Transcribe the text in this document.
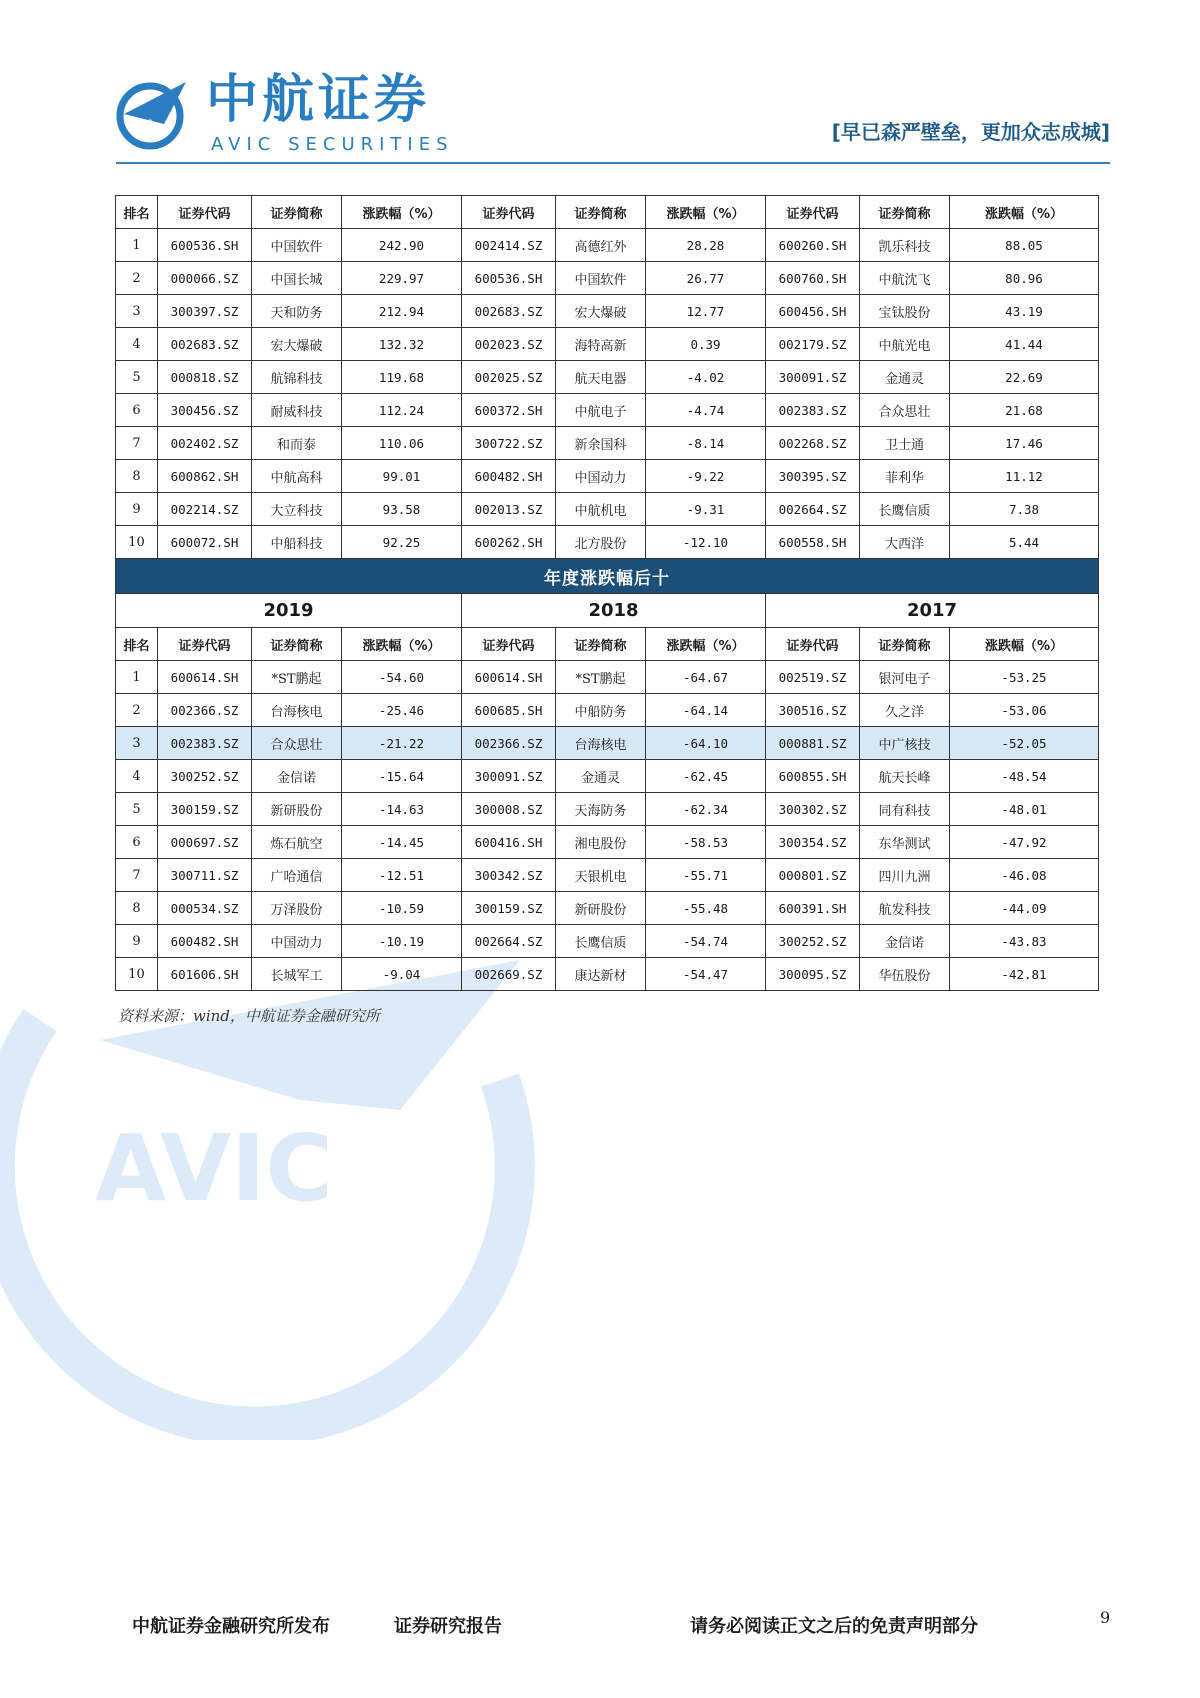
AVIC
AVIC 中航证券
AVIC SECURITIES
[早已森严壁垒，更加众志成城]
排名	证券代码	证券简称	涨跌幅（%）	证券代码	证券简称	涨跌幅（%）	证券代码	证券简称	涨跌幅（%）
1	600536.SH	中国软件	242.90	002414.SZ	高德红外	28.28	600260.SH	凯乐科技	88.05
2	000066.SZ	中国长城	229.97	600536.SH	中国软件	26.77	600760.SH	中航沈飞	80.96
3	300397.SZ	天和防务	212.94	002683.SZ	宏大爆破	12.77	600456.SH	宝钛股份	43.19
4	002683.SZ	宏大爆破	132.32	002023.SZ	海特高新	0.39	002179.SZ	中航光电	41.44
5	000818.SZ	航锦科技	119.68	002025.SZ	航天电器	-4.02	300091.SZ	金通灵	22.69
6	300456.SZ	耐威科技	112.24	600372.SH	中航电子	-4.74	002383.SZ	合众思壮	21.68
7	002402.SZ	和而泰	110.06	300722.SZ	新余国科	-8.14	002268.SZ	卫士通	17.46
8	600862.SH	中航高科	99.01	600482.SH	中国动力	-9.22	300395.SZ	菲利华	11.12
9	002214.SZ	大立科技	93.58	002013.SZ	中航机电	-9.31	002664.SZ	长鹰信质	7.38
10	600072.SH	中船科技	92.25	600262.SH	北方股份	-12.10	600558.SH	大西洋	5.44
年度涨跌幅后十									
2019				2018			2017		
排名	证券代码	证券简称	涨跌幅（%）	证券代码	证券简称	涨跌幅（%）	证券代码	证券简称	涨跌幅（%）
1	600614.SH	*ST鹏起	-54.60	600614.SH	*ST鹏起	-64.67	002519.SZ	银河电子	-53.25
2	002366.SZ	台海核电	-25.46	600685.SH	中船防务	-64.14	300516.SZ	久之洋	-53.06
3	002383.SZ	合众思壮	-21.22	002366.SZ	台海核电	-64.10	000881.SZ	中广核技	-52.05
4	300252.SZ	金信诺	-15.64	300091.SZ	金通灵	-62.45	600855.SH	航天长峰	-48.54
5	300159.SZ	新研股份	-14.63	300008.SZ	天海防务	-62.34	300302.SZ	同有科技	-48.01
6	000697.SZ	炼石航空	-14.45	600416.SH	湘电股份	-58.53	300354.SZ	东华测试	-47.92
7	300711.SZ	广哈通信	-12.51	300342.SZ	天银机电	-55.71	000801.SZ	四川九洲	-46.08
8	000534.SZ	万泽股份	-10.59	300159.SZ	新研股份	-55.48	600391.SH	航发科技	-44.09
9	600482.SH	中国动力	-10.19	002664.SZ	长鹰信质	-54.74	300252.SZ	金信诺	-43.83
10	601606.SH	长城军工	-9.04	002669.SZ	康达新材	-54.47	300095.SZ	华伍股份	-42.81
资料来源：wind，中航证券金融研究所
中航证券金融研究所发布	证券研究报告	请务必阅读正文之后的免责声明部分	9
